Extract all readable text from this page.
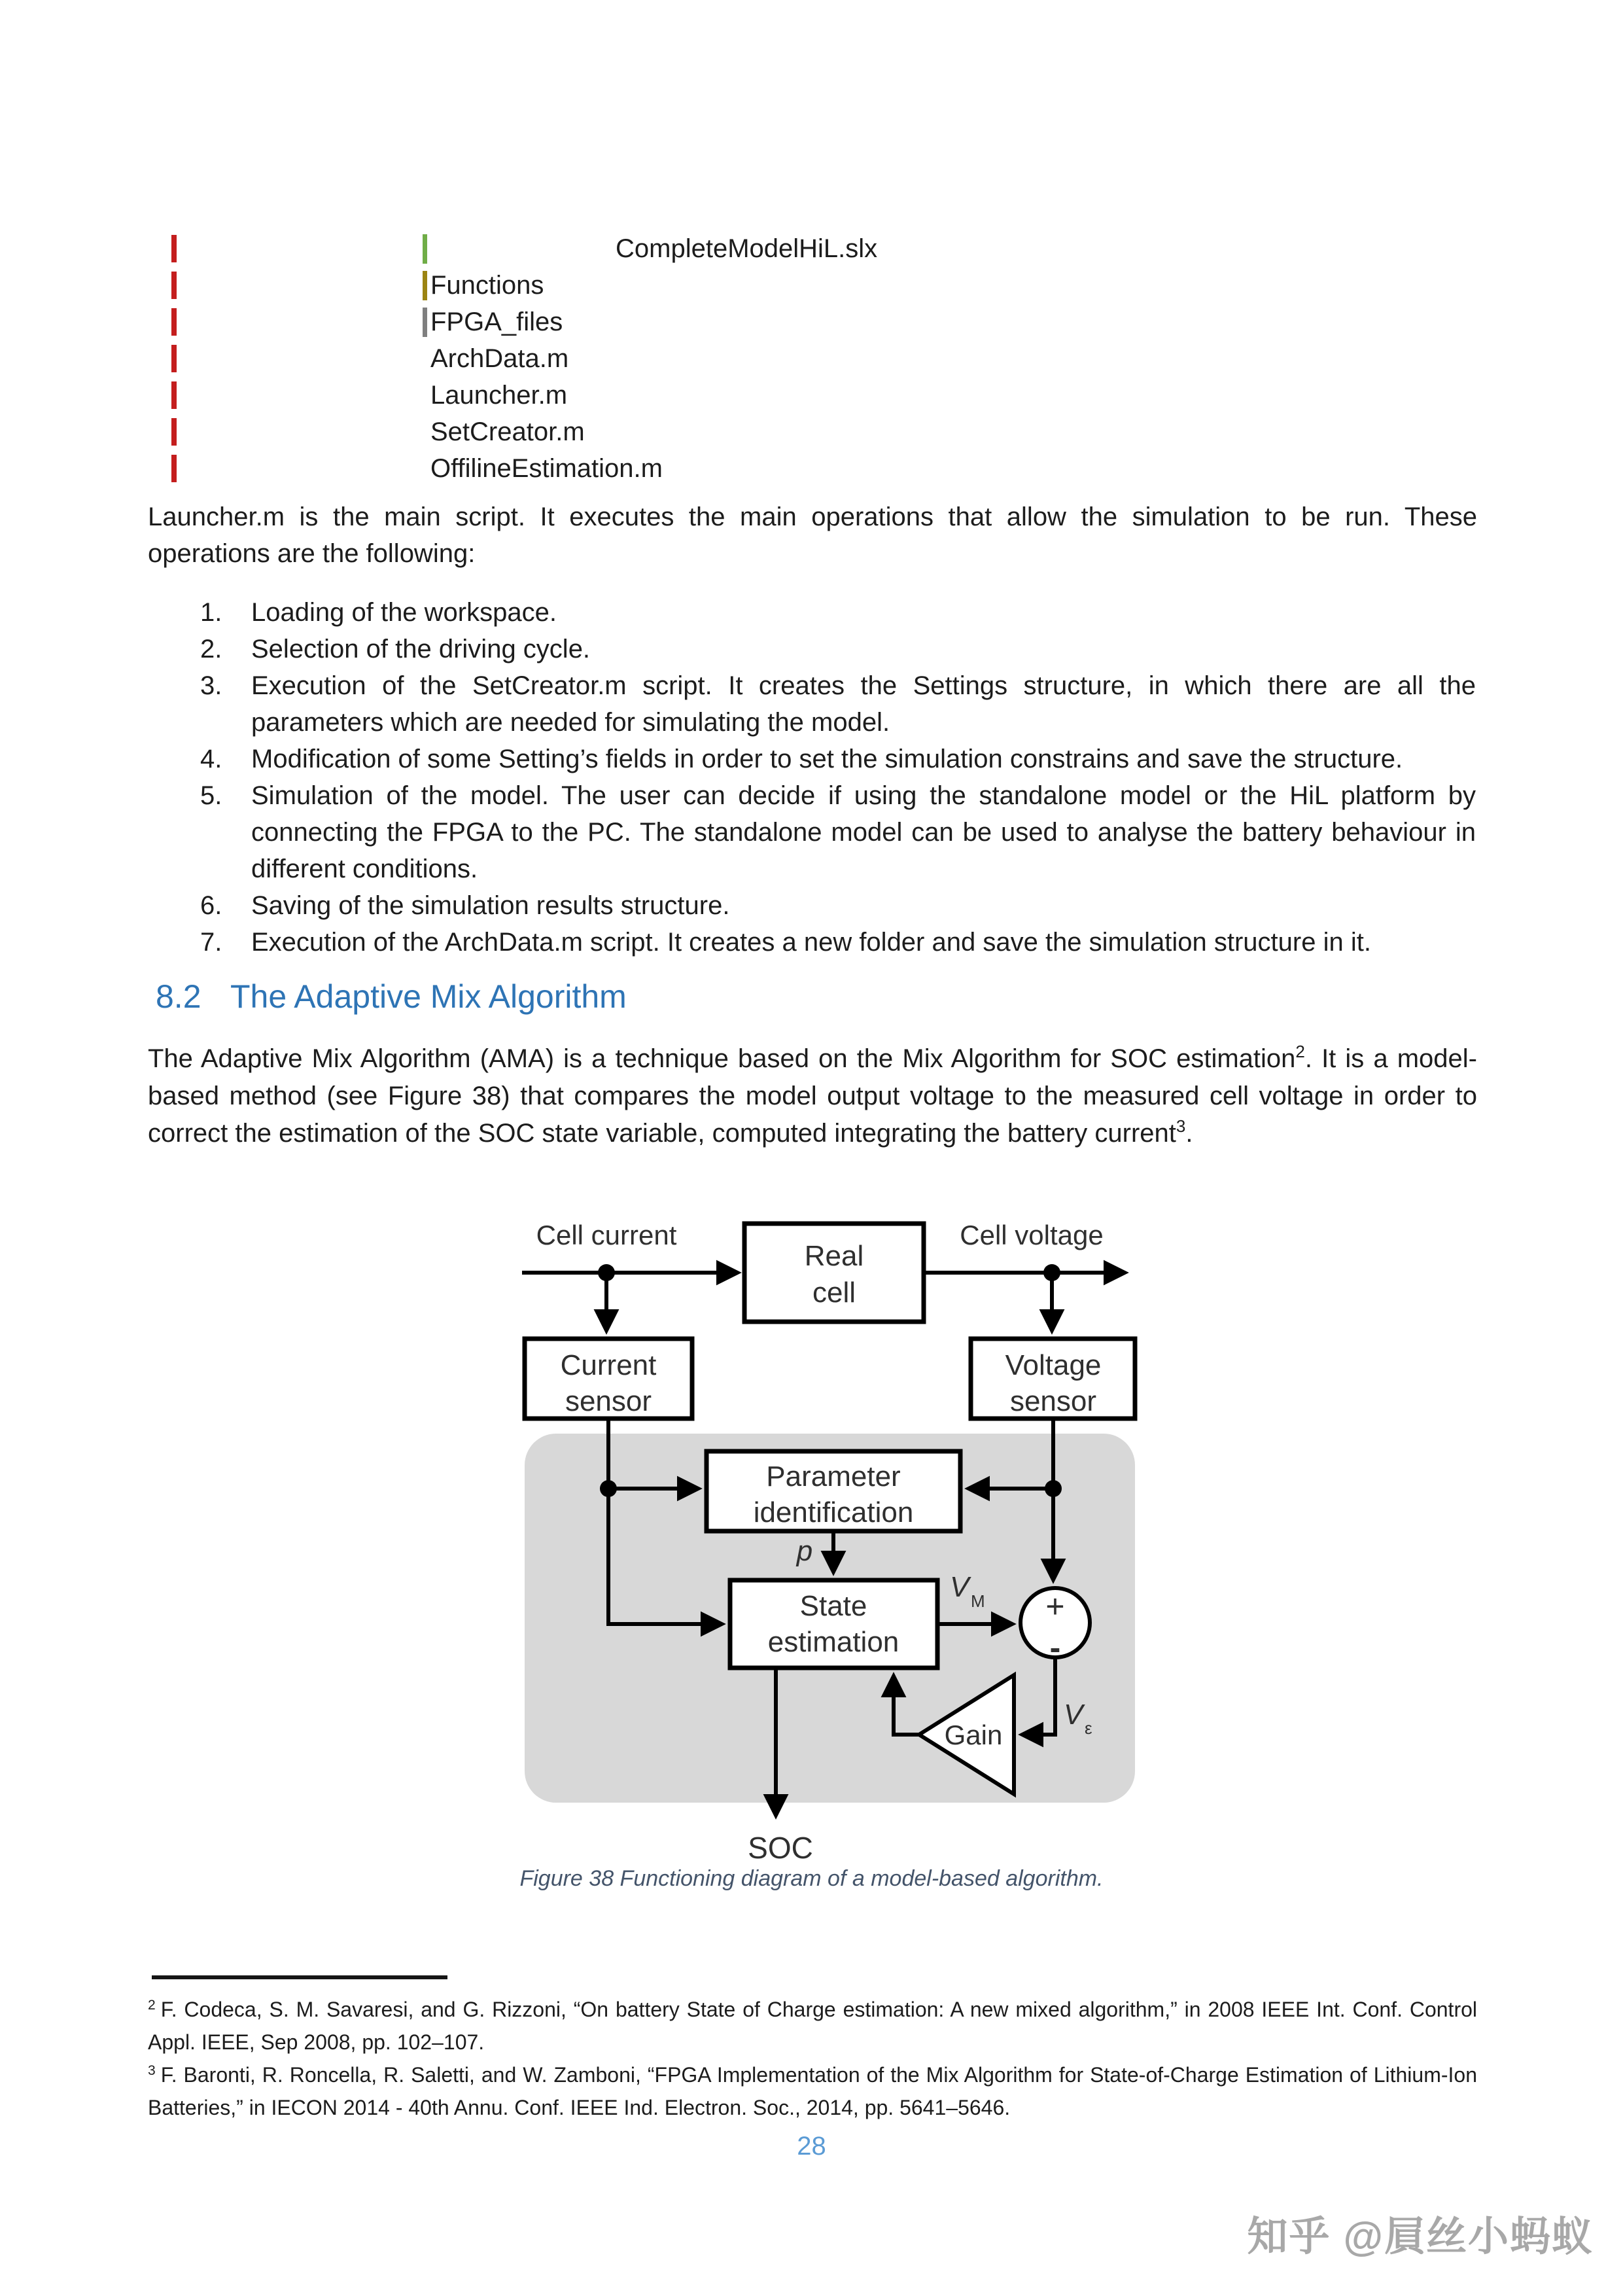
CompleteModelHiL.slx
Functions
FPGA_files
ArchData.m
Launcher.m
SetCreator.m
OffilineEstimation.m
Launcher.m is the main script. It executes the main operations that allow the simulation to be run. These operations are the following:
1.	Loading of the workspace.
2.	Selection of the driving cycle.
3.	Execution of the SetCreator.m script. It creates the Settings structure, in which there are all the parameters which are needed for simulating the model.
4.	Modification of some Setting’s fields in order to set the simulation constrains and save the structure.
5.	Simulation of the model. The user can decide if using the standalone model or the HiL platform by connecting the FPGA to the PC. The standalone model can be used to analyse the battery behaviour in different conditions.
6.	Saving of the simulation results structure.
7.	Execution of the ArchData.m script. It creates a new folder and save the simulation structure in it.
8.2 The Adaptive Mix Algorithm
The Adaptive Mix Algorithm (AMA) is a technique based on the Mix Algorithm for SOC estimation$^2$. It is a model-based method (see Figure 38) that compares the model output voltage to the measured cell voltage in order to correct the estimation of the SOC state variable, computed integrating the battery current$^3$.
Cell current	Cell voltage
Real
cell
Current
sensor
Voltage
sensor
Parameter
identification
State
estimation
p
V M +
-
V ε
Gain
SOC
Figure 38 Functioning diagram of a model-based algorithm.
$^2$ F. Codeca, S. M. Savaresi, and G. Rizzoni, “On battery State of Charge estimation: A new mixed algorithm,” in 2008 IEEE Int. Conf. Control Appl. IEEE, Sep 2008, pp. 102–107.
$^3$ F. Baronti, R. Roncella, R. Saletti, and W. Zamboni, “FPGA Implementation of the Mix Algorithm for State-of-Charge Estimation of Lithium-Ion Batteries,” in IECON 2014 - 40th Annu. Conf. IEEE Ind. Electron. Soc., 2014, pp. 5641–5646.
28
知乎 @屓丝小蚂蚁
